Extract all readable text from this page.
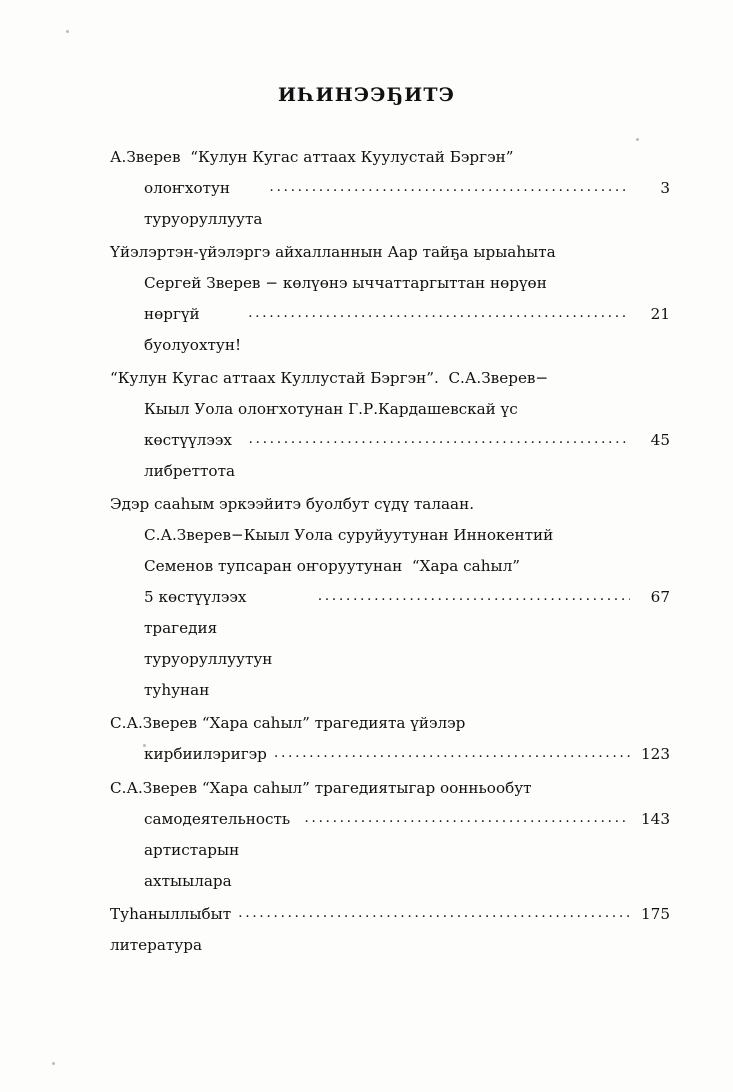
ИҺИНЭЭҔИТЭ
А.Зверев  “Кулун Кугас аттаах Куулустай Бэргэн”
олоҥхотун туруоруллуута
.....
3
Үйэлэртэн-үйэлэргэ айхалланнын Аар тайҕа ырыаһыта
Сергей Зверев − көлүөнэ ыччаттаргыттан нөрүөн
нөргүй буолуохтун!
.....
21
“Кулун Кугас аттаах Куллустай Бэргэн”.  С.А.Зверев−
Кыыл Уола олоҥхотунан Г.Р.Кардашевскай үс
көстүүлээх либреттота
.....
45
Эдэр сааһым эркээйитэ буолбут сүдү талаан.
С.А.Зверев−Кыыл Уола суруйуутунан Иннокентий
Семенов тупсаран оҥоруутунан  “Хара саһыл”
5 көстүүлээх трагедия туруоруллуутун туһунан
.....
67
С.А.Зверев “Хара саһыл” трагедията үйэлэр
кирбиилэригэр .....	123
С.А.Зверев “Хара саһыл” трагедиятыгар оонньообут
самодеятельность артистарын ахтыылара
.....
143
Туһаныллыбыт литература
.....
175
